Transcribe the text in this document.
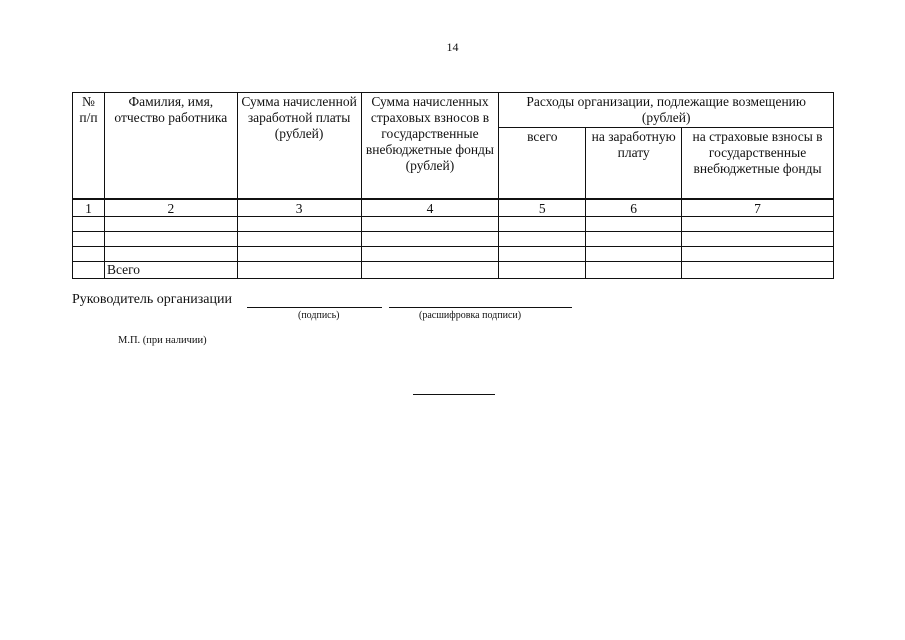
14
№ п/п	Фамилия, имя, отчество работника	Сумма начисленной заработной платы (рублей)	Сумма начисленных страховых взносов в государственные внебюджетные фонды (рублей)	Расходы организации, подлежащие возмещению (рублей)		
				всего	на заработную плату	на страховые взносы в государственные внебюджетные фонды
1	2	3	4	5	6	7

	Всего					
Руководитель организации
(подпись)	(расшифровка подписи)
М.П. (при наличии)
